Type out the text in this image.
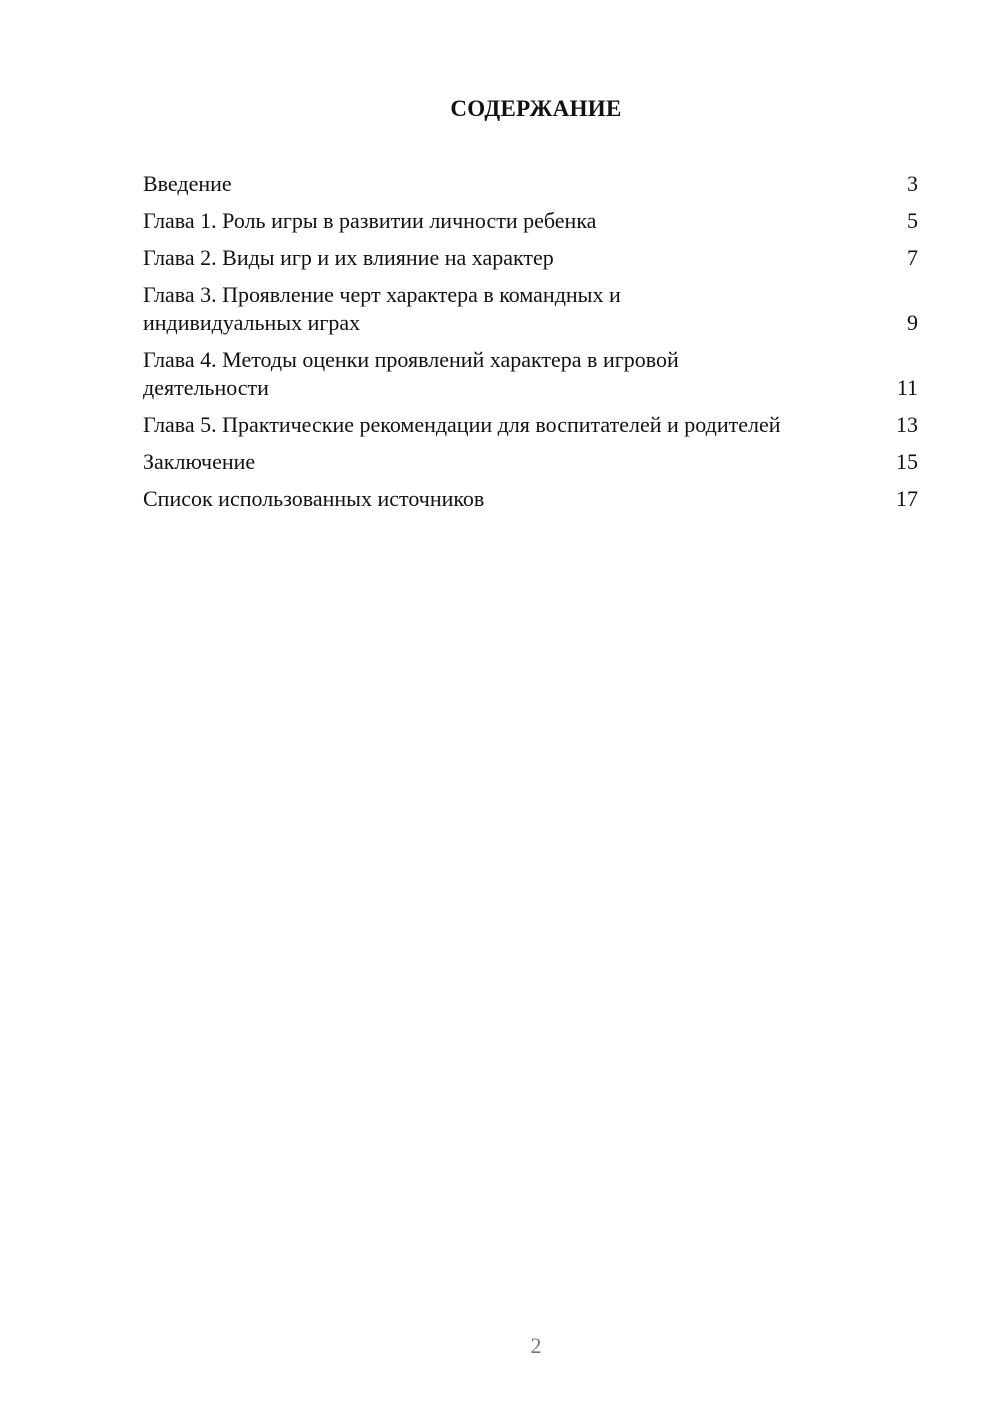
СОДЕРЖАНИЕ
Введение	3
Глава 1. Роль игры в развитии личности ребенка	5
Глава 2. Виды игр и их влияние на характер	7
Глава 3. Проявление черт характера в командных и индивидуальных играх	9
Глава 4. Методы оценки проявлений характера в игровой деятельности	11
Глава 5. Практические рекомендации для воспитателей и родителей	13
Заключение	15
Список использованных источников	17
2
